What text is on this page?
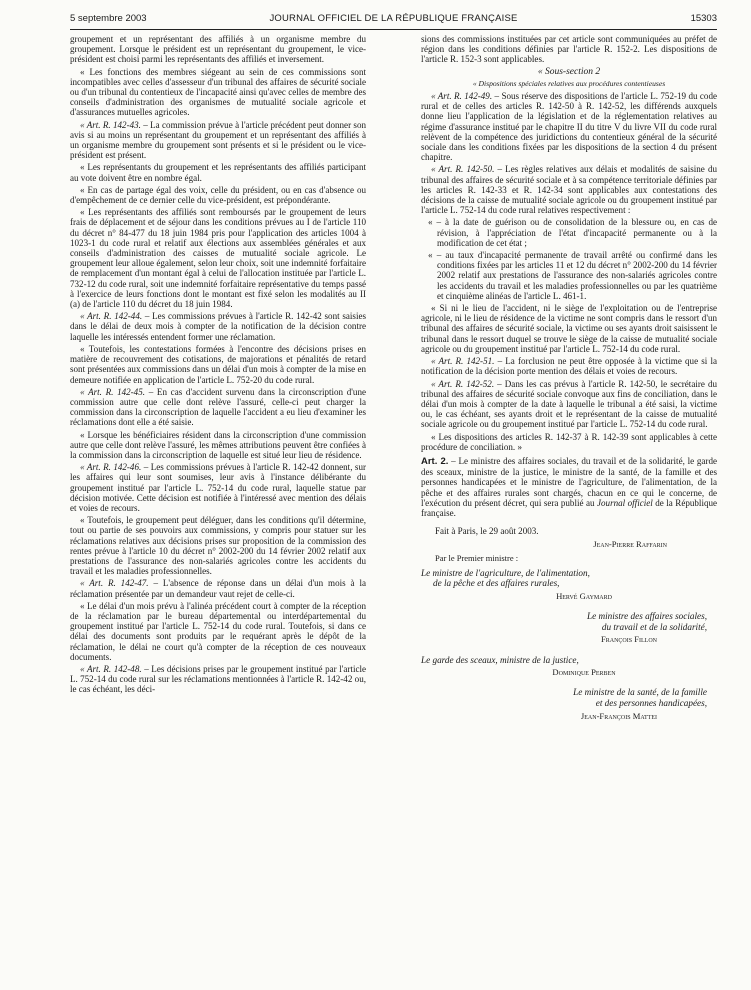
5 septembre 2003	JOURNAL OFFICIEL DE LA RÉPUBLIQUE FRANÇAISE	15303

groupement et un représentant des affiliés à un organisme membre du groupement. Lorsque le président est un représentant du groupement, le vice-président est choisi parmi les représentants des affiliés et inversement.

« Les fonctions des membres siégeant au sein de ces commissions sont incompatibles avec celles d'assesseur d'un tribunal des affaires de sécurité sociale ou d'un tribunal du contentieux de l'incapacité ainsi qu'avec celles de membre des conseils d'administration des organismes de mutualité sociale agricole et d'assurances mutuelles agricoles.

« Art. R. 142-43. – La commission prévue à l'article précédent peut donner son avis si au moins un représentant du groupement et un représentant des affiliés à un organisme membre du groupement sont présents et si le président ou le vice-président est présent.

« Les représentants du groupement et les représentants des affiliés participant au vote doivent être en nombre égal.

« En cas de partage égal des voix, celle du président, ou en cas d'absence ou d'empêchement de ce dernier celle du vice-président, est prépondérante.

« Les représentants des affiliés sont remboursés par le groupement de leurs frais de déplacement et de séjour dans les conditions prévues au I de l'article 110 du décret n° 84-477 du 18 juin 1984 pris pour l'application des articles 1004 à 1023-1 du code rural et relatif aux élections aux assemblées générales et aux conseils d'administration des caisses de mutualité sociale agricole. Le groupement leur alloue également, selon leur choix, soit une indemnité forfaitaire de remplacement d'un montant égal à celui de l'allocation instituée par l'article L. 732-12 du code rural, soit une indemnité forfaitaire représentative du temps passé à l'exercice de leurs fonctions dont le montant est fixé selon les modalités au II (a) de l'article 110 du décret du 18 juin 1984.

« Art. R. 142-44. – Les commissions prévues à l'article R. 142-42 sont saisies dans le délai de deux mois à compter de la notification de la décision contre laquelle les intéressés entendent former une réclamation.

« Toutefois, les contestations formées à l'encontre des décisions prises en matière de recouvrement des cotisations, de majorations et pénalités de retard sont présentées aux commissions dans un délai d'un mois à compter de la mise en demeure notifiée en application de l'article L. 752-20 du code rural.

« Art. R. 142-45. – En cas d'accident survenu dans la circonscription d'une commission autre que celle dont relève l'assuré, celle-ci peut charger la commission dans la circonscription de laquelle l'accident a eu lieu d'examiner les réclamations dont elle a été saisie.

« Lorsque les bénéficiaires résident dans la circonscription d'une commission autre que celle dont relève l'assuré, les mêmes attributions peuvent être confiées à la commission dans la circonscription de laquelle est situé leur lieu de résidence.

« Art. R. 142-46. – Les commissions prévues à l'article R. 142-42 donnent, sur les affaires qui leur sont soumises, leur avis à l'instance délibérante du groupement institué par l'article L. 752-14 du code rural, laquelle statue par décision motivée. Cette décision est notifiée à l'intéressé avec mention des délais et voies de recours.

« Toutefois, le groupement peut déléguer, dans les conditions qu'il détermine, tout ou partie de ses pouvoirs aux commissions, y compris pour statuer sur les réclamations relatives aux décisions prises sur proposition de la commission des rentes prévue à l'article 10 du décret n° 2002-200 du 14 février 2002 relatif aux prestations de l'assurance des non-salariés agricoles contre les accidents du travail et les maladies professionnelles.

« Art. R. 142-47. – L'absence de réponse dans un délai d'un mois à la réclamation présentée par un demandeur vaut rejet de celle-ci.

« Le délai d'un mois prévu à l'alinéa précédent court à compter de la réception de la réclamation par le bureau départemental ou interdépartemental du groupement institué par l'article L. 752-14 du code rural. Toutefois, si dans ce délai des documents sont produits par le requérant après le dépôt de la réclamation, le délai ne court qu'à compter de la réception de ces nouveaux documents.

« Art. R. 142-48. – Les décisions prises par le groupement institué par l'article L. 752-14 du code rural sur les réclamations mentionnées à l'article R. 142-42 ou, le cas échéant, les déci-

sions des commissions instituées par cet article sont communiquées au préfet de région dans les conditions définies par l'article R. 152-2. Les dispositions de l'article R. 152-3 sont applicables.

« Sous-section 2

« Dispositions spéciales relatives aux procédures contentieuses

« Art. R. 142-49. – Sous réserve des dispositions de l'article L. 752-19 du code rural et de celles des articles R. 142-50 à R. 142-52, les différends auxquels donne lieu l'application de la législation et de la réglementation relatives au régime d'assurance institué par le chapitre II du titre V du livre VII du code rural relèvent de la compétence des juridictions du contentieux général de la sécurité sociale dans les conditions fixées par les dispositions de la section 4 du présent chapitre.

« Art. R. 142-50. – Les règles relatives aux délais et modalités de saisine du tribunal des affaires de sécurité sociale et à sa compétence territoriale définies par les articles R. 142-33 et R. 142-34 sont applicables aux contestations des décisions de la caisse de mutualité sociale agricole ou du groupement institué par l'article L. 752-14 du code rural relatives respectivement :

« – à la date de guérison ou de consolidation de la blessure ou, en cas de révision, à l'appréciation de l'état d'incapacité permanente ou à la modification de cet état ;

« – au taux d'incapacité permanente de travail arrêté ou confirmé dans les conditions fixées par les articles 11 et 12 du décret n° 2002-200 du 14 février 2002 relatif aux prestations de l'assurance des non-salariés agricoles contre les accidents du travail et les maladies professionnelles ou par les quatrième et cinquième alinéas de l'article L. 461-1.

« Si ni le lieu de l'accident, ni le siège de l'exploitation ou de l'entreprise agricole, ni le lieu de résidence de la victime ne sont compris dans le ressort d'un tribunal des affaires de sécurité sociale, la victime ou ses ayants droit saisissent le tribunal dans le ressort duquel se trouve le siège de la caisse de mutualité sociale agricole ou du groupement institué par l'article L. 752-14 du code rural.

« Art. R. 142-51. – La forclusion ne peut être opposée à la victime que si la notification de la décision porte mention des délais et voies de recours.

« Art. R. 142-52. – Dans les cas prévus à l'article R. 142-50, le secrétaire du tribunal des affaires de sécurité sociale convoque aux fins de conciliation, dans le délai d'un mois à compter de la date à laquelle le tribunal a été saisi, la victime ou, le cas échéant, ses ayants droit et le représentant de la caisse de mutualité sociale agricole ou du groupement institué par l'article L. 752-14 du code rural.

« Les dispositions des articles R. 142-37 à R. 142-39 sont applicables à cette procédure de conciliation. »

Art. 2. – Le ministre des affaires sociales, du travail et de la solidarité, le garde des sceaux, ministre de la justice, le ministre de la santé, de la famille et des personnes handicapées et le ministre de l'agriculture, de l'alimentation, de la pêche et des affaires rurales sont chargés, chacun en ce qui le concerne, de l'exécution du présent décret, qui sera publié au Journal officiel de la République française.

Fait à Paris, le 29 août 2003.

Jean-Pierre Raffarin

Par le Premier ministre :

Le ministre de l'agriculture, de l'alimentation,
de la pêche et des affaires rurales,

Hervé Gaymard

Le ministre des affaires sociales,
du travail et de la solidarité,

François Fillon

Le garde des sceaux, ministre de la justice,

Dominique Perben

Le ministre de la santé, de la famille
et des personnes handicapées,

Jean-François Mattei
